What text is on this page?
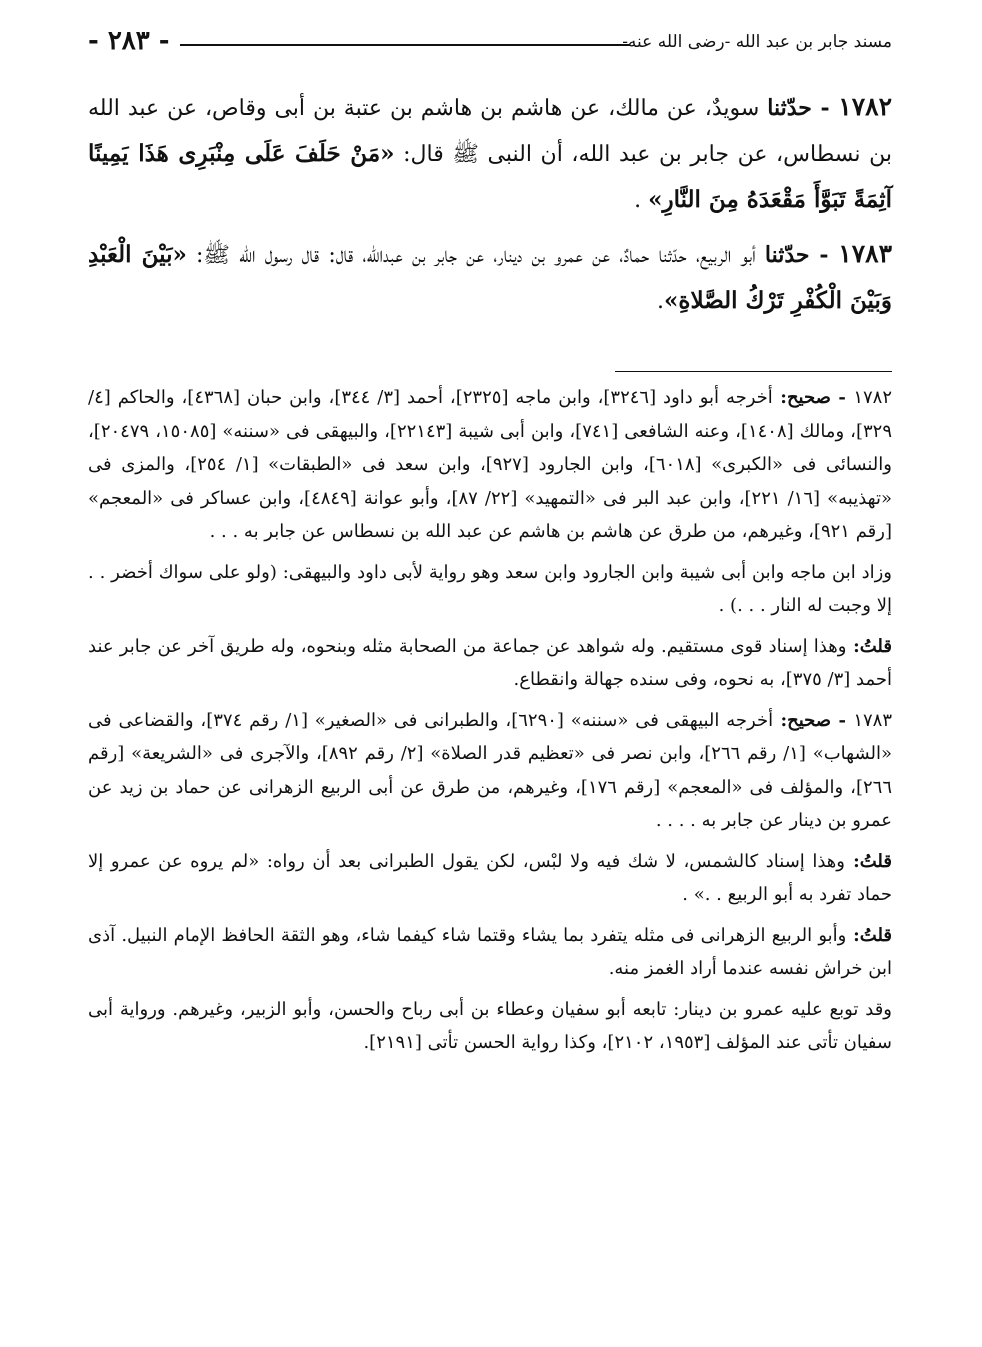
مسند جابر بن عبد الله -رضى الله عنه-
- ٢٨٣ -

١٧٨٢ - حدّثنا سويدٌ، عن مالك، عن هاشم بن هاشم بن عتبة بن أبى وقاص، عن عبد الله بن نسطاس، عن جابر بن عبد الله، أن النبى ﷺ قال: «مَنْ حَلَفَ عَلَى مِنْبَرِى هَذَا يَمِينًا آثِمَةً تَبَوَّأَ مَقْعَدَهُ مِنَ النَّارِ» .

١٧٨٣ - حدّثنا أبو الربيع، حدّثنا حمادٌ، عن عمرو بن دينار، عن جابر بن عبدالله، قال: قال رسول الله ﷺ: «بَيْنَ الْعَبْدِ وَبَيْنَ الْكُفْرِ تَرْكُ الصَّلاةِ».

١٧٨٢ - صحيح: أخرجه أبو داود [٣٢٤٦]، وابن ماجه [٢٣٢٥]، أحمد [٣/ ٣٤٤]، وابن حبان [٤٣٦٨]، والحاكم [٤/ ٣٢٩]، ومالك [١٤٠٨]، وعنه الشافعى [٧٤١]، وابن أبى شيبة [٢٢١٤٣]، والبيهقى فى «سننه» [١٥٠٨٥، ٢٠٤٧٩]، والنسائى فى «الكبرى» [٦٠١٨]، وابن الجارود [٩٢٧]، وابن سعد فى «الطبقات» [١/ ٢٥٤]، والمزى فى «تهذيبه» [١٦/ ٢٢١]، وابن عبد البر فى «التمهيد» [٢٢/ ٨٧]، وأبو عوانة [٤٨٤٩]، وابن عساكر فى «المعجم» [رقم ٩٢١]، وغيرهم، من طرق عن هاشم بن هاشم عن عبد الله بن نسطاس عن جابر به . . .

وزاد ابن ماجه وابن أبى شيبة وابن الجارود وابن سعد وهو رواية لأبى داود والبيهقى: (ولو على سواك أخضر . . إلا وجبت له النار . . .) .

قلتُ: وهذا إسناد قوى مستقيم. وله شواهد عن جماعة من الصحابة مثله وبنحوه، وله طريق آخر عن جابر عند أحمد [٣/ ٣٧٥]، به نحوه، وفى سنده جهالة وانقطاع.

١٧٨٣ - صحيح: أخرجه البيهقى فى «سننه» [٦٢٩٠]، والطبرانى فى «الصغير» [١/ رقم ٣٧٤]، والقضاعى فى «الشهاب» [١/ رقم ٢٦٦]، وابن نصر فى «تعظيم قدر الصلاة» [٢/ رقم ٨٩٢]، والآجرى فى «الشريعة» [رقم ٢٦٦]، والمؤلف فى «المعجم» [رقم ١٧٦]، وغيرهم، من طرق عن أبى الربيع الزهرانى عن حماد بن زيد عن عمرو بن دينار عن جابر به . . . .

قلتُ: وهذا إسناد كالشمس، لا شك فيه ولا لبْس، لكن يقول الطبرانى بعد أن رواه: «لم يروه عن عمرو إلا حماد تفرد به أبو الربيع . .» .

قلتُ: وأبو الربيع الزهرانى فى مثله يتفرد بما يشاء وقتما شاء كيفما شاء، وهو الثقة الحافظ الإمام النبيل. آذى ابن خراش نفسه عندما أراد الغمز منه.

وقد توبع عليه عمرو بن دينار: تابعه أبو سفيان وعطاء بن أبى رباح والحسن، وأبو الزبير، وغيرهم. ورواية أبى سفيان تأتى عند المؤلف [١٩٥٣، ٢١٠٢]، وكذا رواية الحسن تأتى [٢١٩١].
